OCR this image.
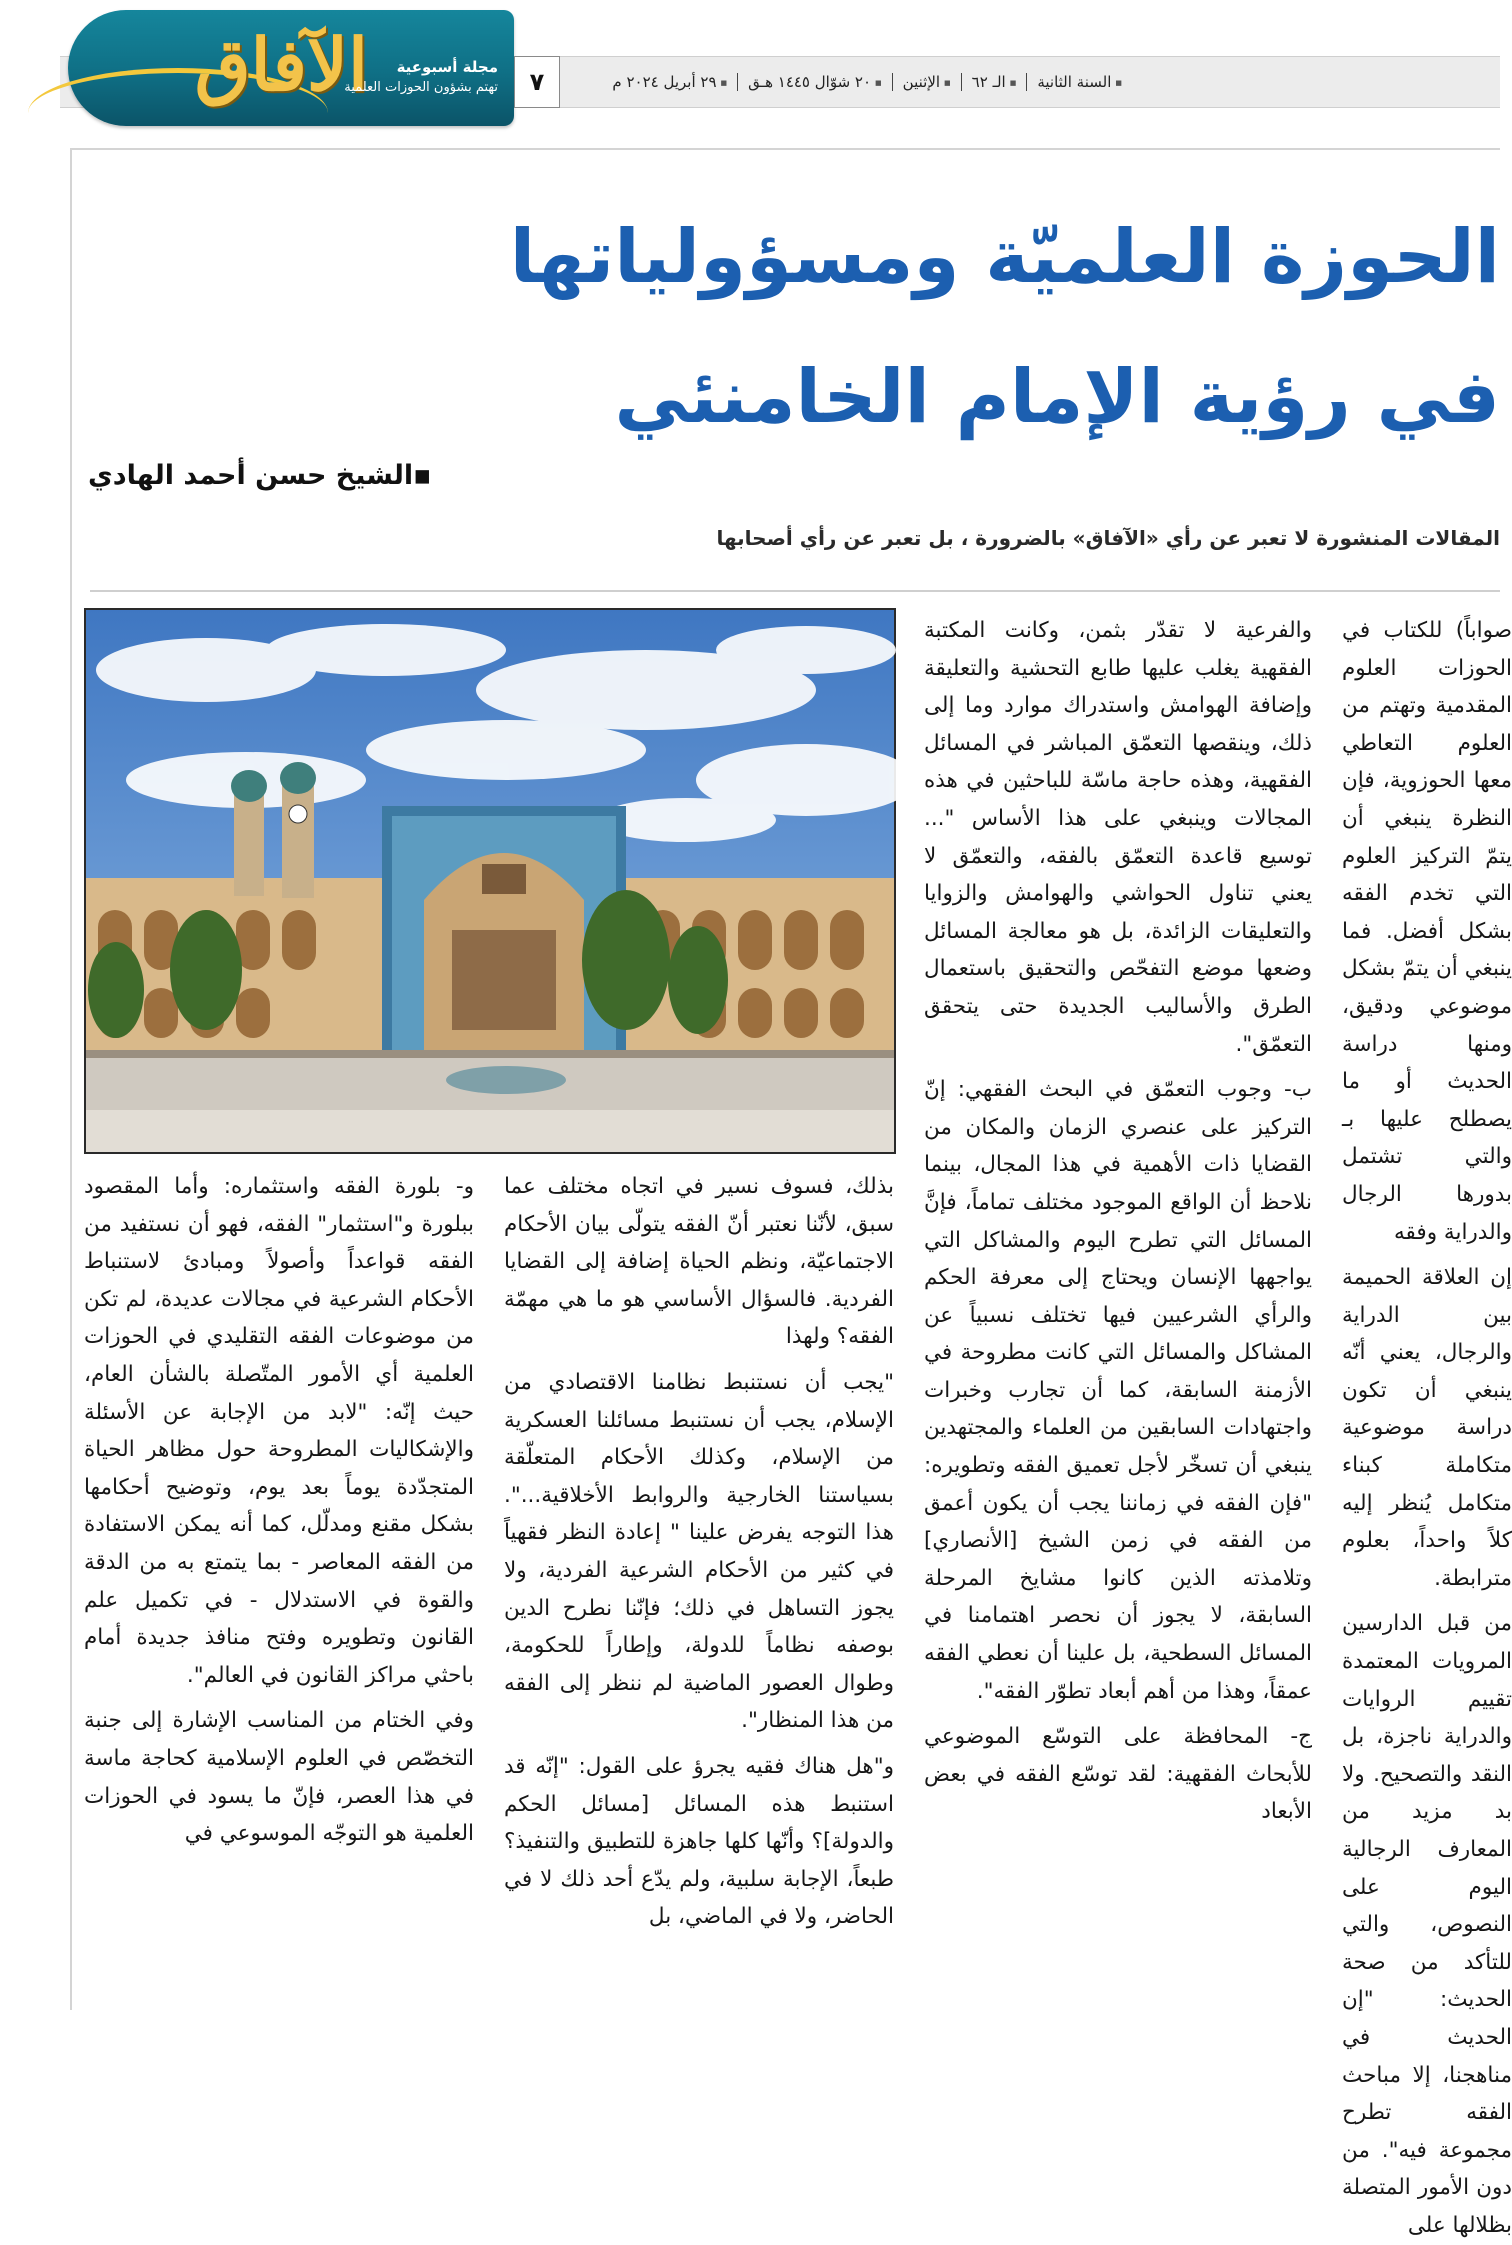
الآفاق مجلة أسبوعية
تهتم بشؤون الحوزات العلمية	٧
■	السنة الثانية
■ الـ ٦٢
■ الإثنين
■ ٢٠ شوّال ١٤٤٥ هـق
■ ٢٩ أبريل ٢٠٢٤ م
الحوزة العلميّة ومسؤولياتها
في رؤية الإمام الخامنئي
▪الشيخ حسن أحمد الهادي
المقالات المنشورة لا تعبر عن رأي «الآفاق» بالضرورة ، بل تعبر عن رأي أصحابها

صواباً) للكتاب في الحوزات العلوم المقدمية وتهتم من العلوم التعاطي معها الحوزوية، فإن النظرة ينبغي أن يتمّ التركيز العلوم التي تخدم الفقه بشكل أفضل. فما ينبغي أن يتمّ بشكل موضوعي ودقيق، ومنها دراسة الحديث أو ما يصطلح عليها بـ والتي تشتمل بدورها الرجال والدراية وفقه

إن العلاقة الحميمة بين الدراية والرجال، يعني أنّه ينبغي أن تكون دراسة موضوعية متكاملة كبناء متكامل يُنظر إليه كلاً واحداً، بعلوم مترابطة.

من قبل الدارسين المرويات المعتمدة تقييم الروايات والدراية ناجزة، بل النقد والتصحيح. ولا بد مزيد من المعارف الرجالية اليوم على النصوص، والتي للتأكد من صحة الحديث: "إن الحديث في مناهجنا، إلا مباحث الفقه تطرح مجموعة فيه". من دون الأمور المتصلة بظلالها على

والفرعية لا تقدّر بثمن، وكانت المكتبة الفقهية يغلب عليها طابع التحشية والتعليقة وإضافة الهوامش واستدراك موارد وما إلى ذلك، وينقصها التعمّق المباشر في المسائل الفقهية، وهذه حاجة ماسّة للباحثين في هذه المجالات وينبغي على هذا الأساس "... توسيع قاعدة التعمّق بالفقه، والتعمّق لا يعني تناول الحواشي والهوامش والزوايا والتعليقات الزائدة، بل هو معالجة المسائل وضعها موضع التفحّص والتحقيق باستعمال الطرق والأساليب الجديدة حتى يتحقق التعمّق".

ب- وجوب التعمّق في البحث الفقهي: إنّ التركيز على عنصري الزمان والمكان من القضايا ذات الأهمية في هذا المجال، بينما نلاحظ أن الواقع الموجود مختلف تماماً، فإنَّ المسائل التي تطرح اليوم والمشاكل التي يواجهها الإنسان ويحتاج إلى معرفة الحكم والرأي الشرعيين فيها تختلف نسبياً عن المشاكل والمسائل التي كانت مطروحة في الأزمنة السابقة، كما أن تجارب وخبرات واجتهادات السابقين من العلماء والمجتهدين ينبغي أن تسخّر لأجل تعميق الفقه وتطويره: "فإن الفقه في زماننا يجب أن يكون أعمق من الفقه في زمن الشيخ [الأنصاري] وتلامذته الذين كانوا مشايخ المرحلة السابقة، لا يجوز أن نحصر اهتمامنا في المسائل السطحية، بل علينا أن نعطي الفقه عمقاً، وهذا من أهم أبعاد تطوّر الفقه".

ج- المحافظة على التوسّع الموضوعي للأبحاث الفقهية: لقد توسّع الفقه في بعض الأبعاد

بذلك، فسوف نسير في اتجاه مختلف عما سبق، لأنّنا نعتبر أنّ الفقه يتولّى بيان الأحكام الاجتماعيّة، ونظم الحياة إضافة إلى القضايا الفردية. فالسؤال الأساسي هو ما هي مهمّة الفقه؟ ولهذا

"يجب أن نستنبط نظامنا الاقتصادي من الإسلام، يجب أن نستنبط مسائلنا العسكرية من الإسلام، وكذلك الأحكام المتعلّقة بسياستنا الخارجية والروابط الأخلاقية...". هذا التوجه يفرض علينا " إعادة النظر فقهياً في كثير من الأحكام الشرعية الفردية، ولا يجوز التساهل في ذلك؛ فإنّنا نطرح الدين بوصفه نظاماً للدولة، وإطاراً للحكومة، وطوال العصور الماضية لم ننظر إلى الفقه من هذا المنظار".

و"هل هناك فقيه يجرؤ على القول: "إنّه قد استنبط هذه المسائل [مسائل الحكم والدولة]؟ وأنّها كلها جاهزة للتطبيق والتنفيذ؟ طبعاً، الإجابة سلبية، ولم يدّع أحد ذلك لا في الحاضر، ولا في الماضي، بل

و- بلورة الفقه واستثماره: وأما المقصود ببلورة و"استثمار" الفقه، فهو أن نستفيد من الفقه قواعداً وأصولاً ومبادئ لاستنباط الأحكام الشرعية في مجالات عديدة، لم تكن من موضوعات الفقه التقليدي في الحوزات العلمية أي الأمور المتّصلة بالشأن العام، حيث إنّه: "لابد من الإجابة عن الأسئلة والإشكاليات المطروحة حول مظاهر الحياة المتجدّدة يوماً بعد يوم، وتوضيح أحكامها بشكل مقنع ومدلّل، كما أنه يمكن الاستفادة من الفقه المعاصر - بما يتمتع به من الدقة والقوة في الاستدلال - في تكميل علم القانون وتطويره وفتح منافذ جديدة أمام باحثي مراكز القانون في العالم".

وفي الختام من المناسب الإشارة إلى جنبة التخصّص في العلوم الإسلامية كحاجة ماسة في هذا العصر، فإنّ ما يسود في الحوزات العلمية هو التوجّه الموسوعي في
